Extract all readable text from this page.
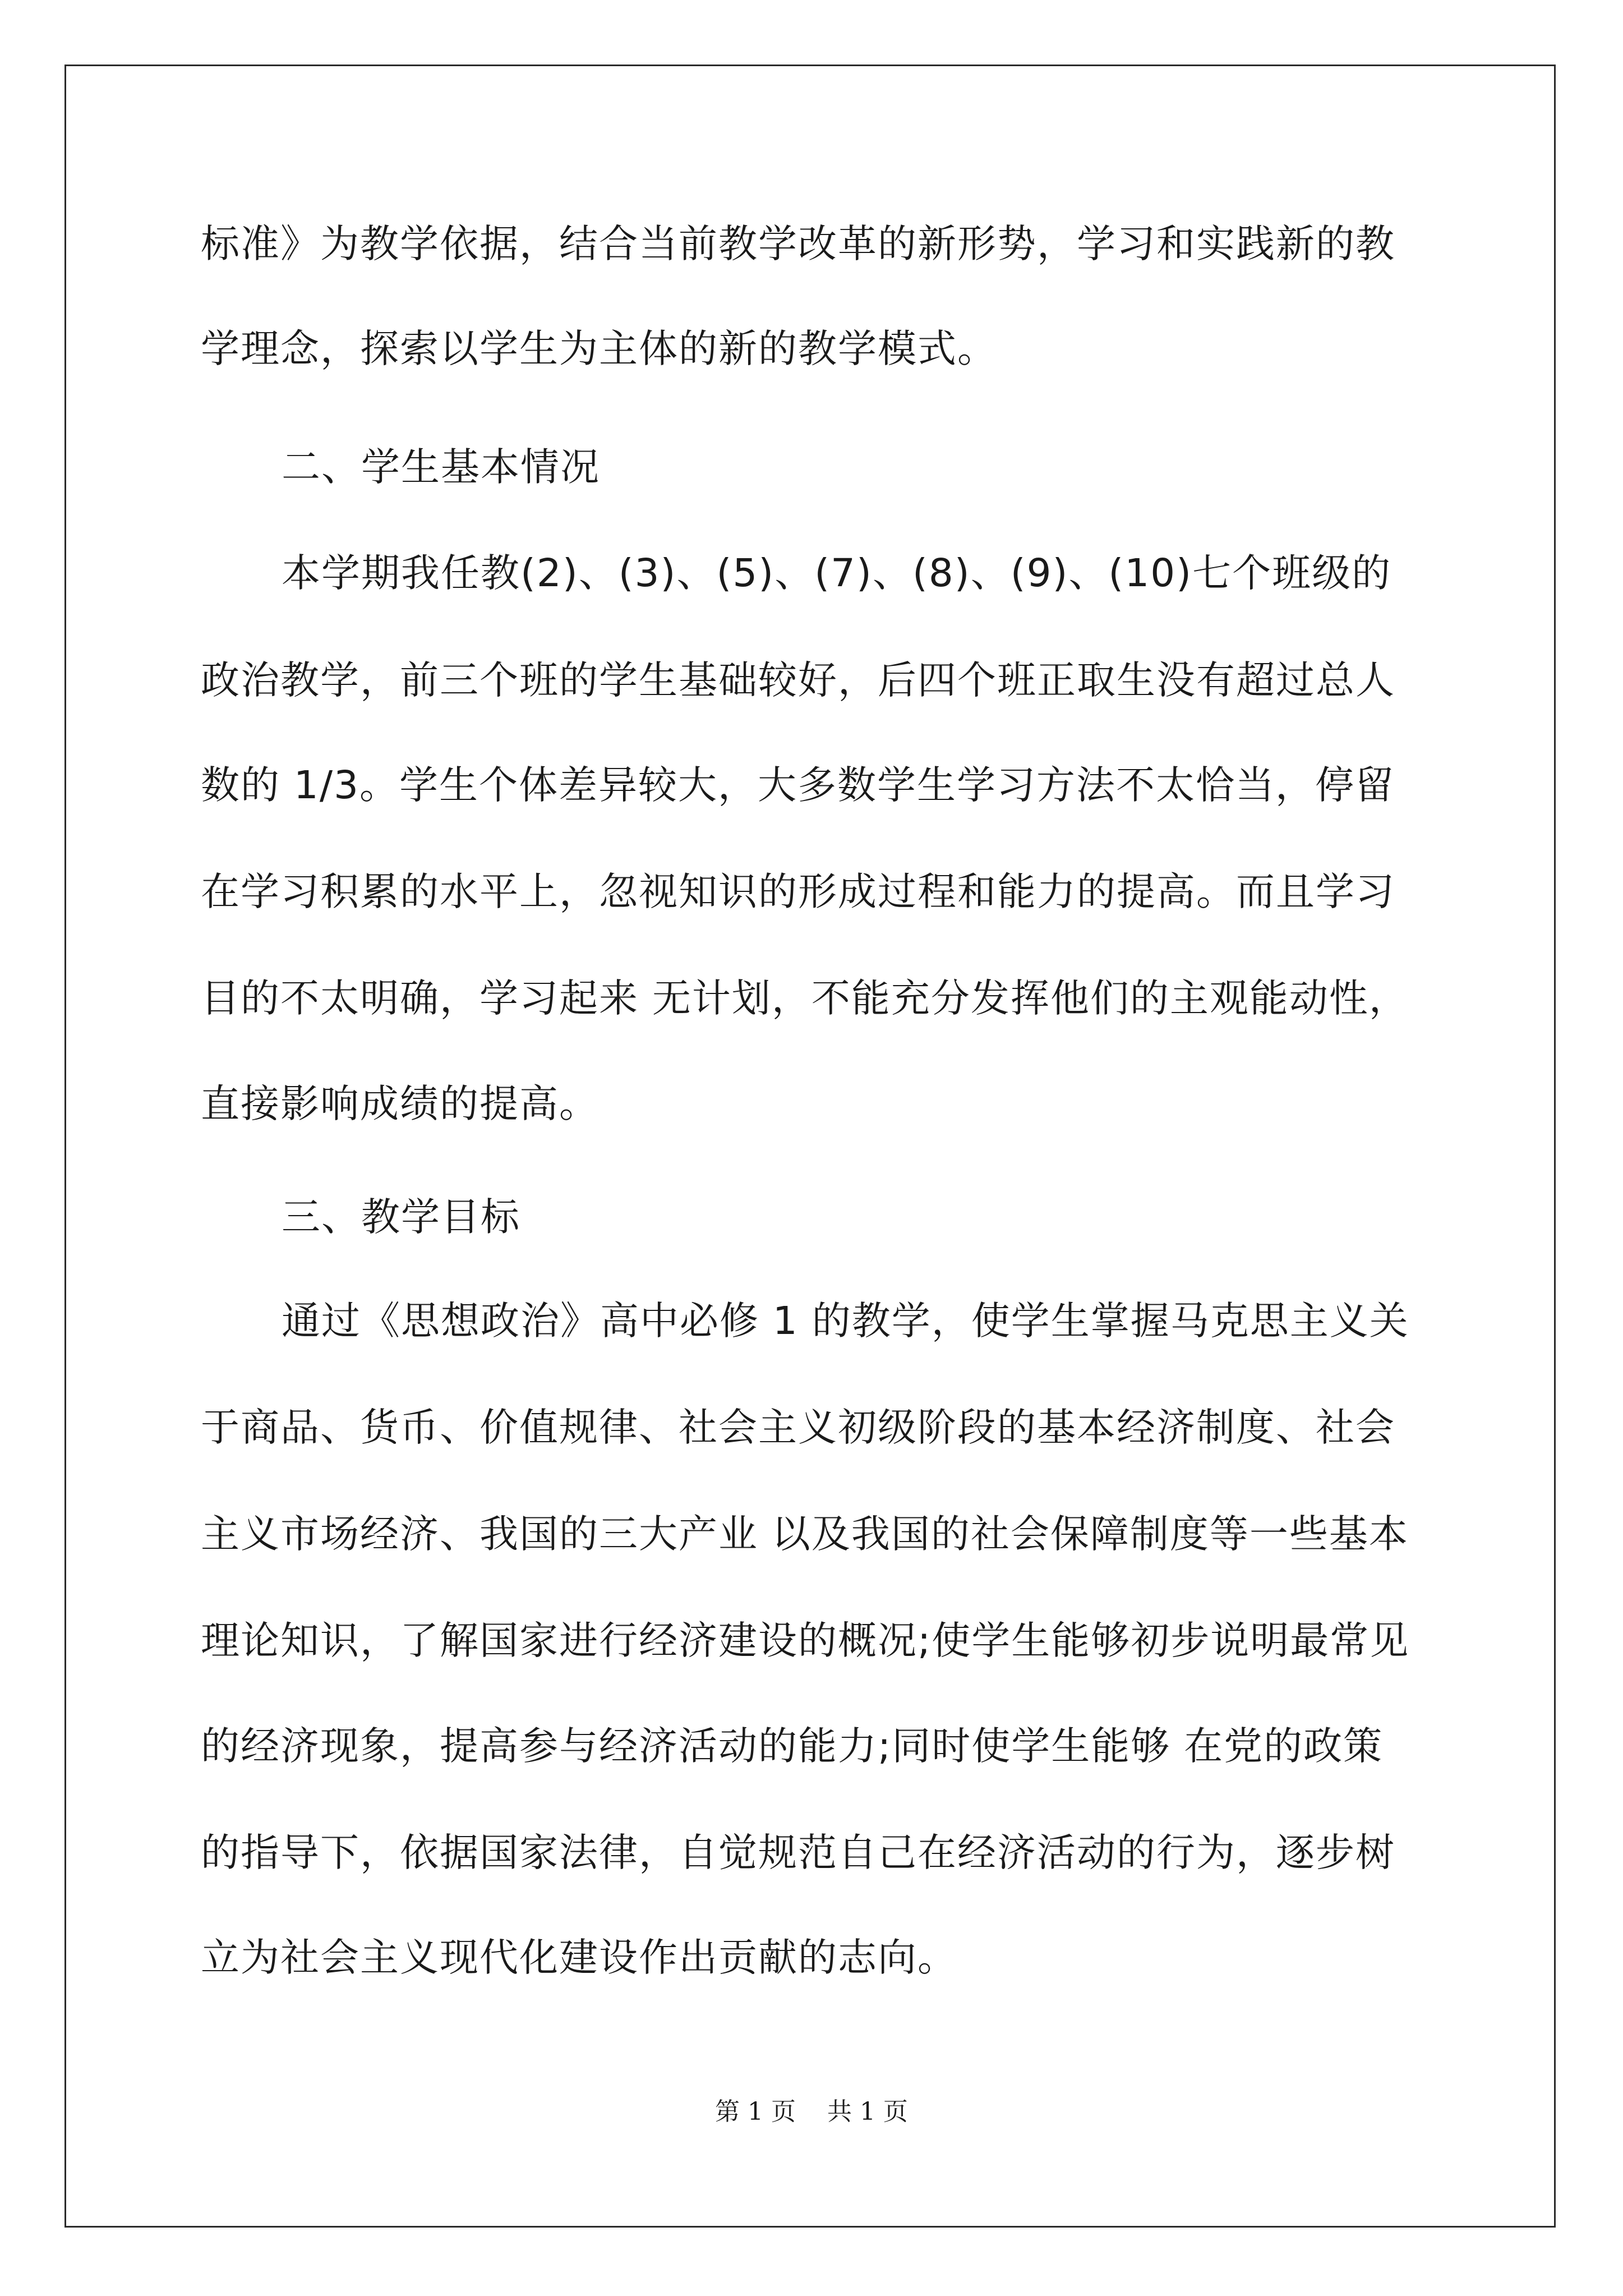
标准》为教学依据，结合当前教学改革的新形势，学习和实践新的教
学理念，探索以学生为主体的新的教学模式。
二、学生基本情况
本学期我任教(2)、(3)、(5)、(7)、(8)、(9)、(10)七个班级的
政治教学，前三个班的学生基础较好，后四个班正取生没有超过总人
数的 1/3。学生个体差异较大，大多数学生学习方法不太恰当，停留
在学习积累的水平上，忽视知识的形成过程和能力的提高。而且学习
目的不太明确，学习起来 无计划，不能充分发挥他们的主观能动性，
直接影响成绩的提高。
三、教学目标
通过《思想政治》高中必修 1 的教学，使学生掌握马克思主义关
于商品、货币、价值规律、社会主义初级阶段的基本经济制度、社会
主义市场经济、我国的三大产业 以及我国的社会保障制度等一些基本
理论知识，了解国家进行经济建设的概况;使学生能够初步说明最常见
的经济现象，提高参与经济活动的能力;同时使学生能够 在党的政策
的指导下，依据国家法律，自觉规范自己在经济活动的行为，逐步树
立为社会主义现代化建设作出贡献的志向。
第 1 页    共 1 页
